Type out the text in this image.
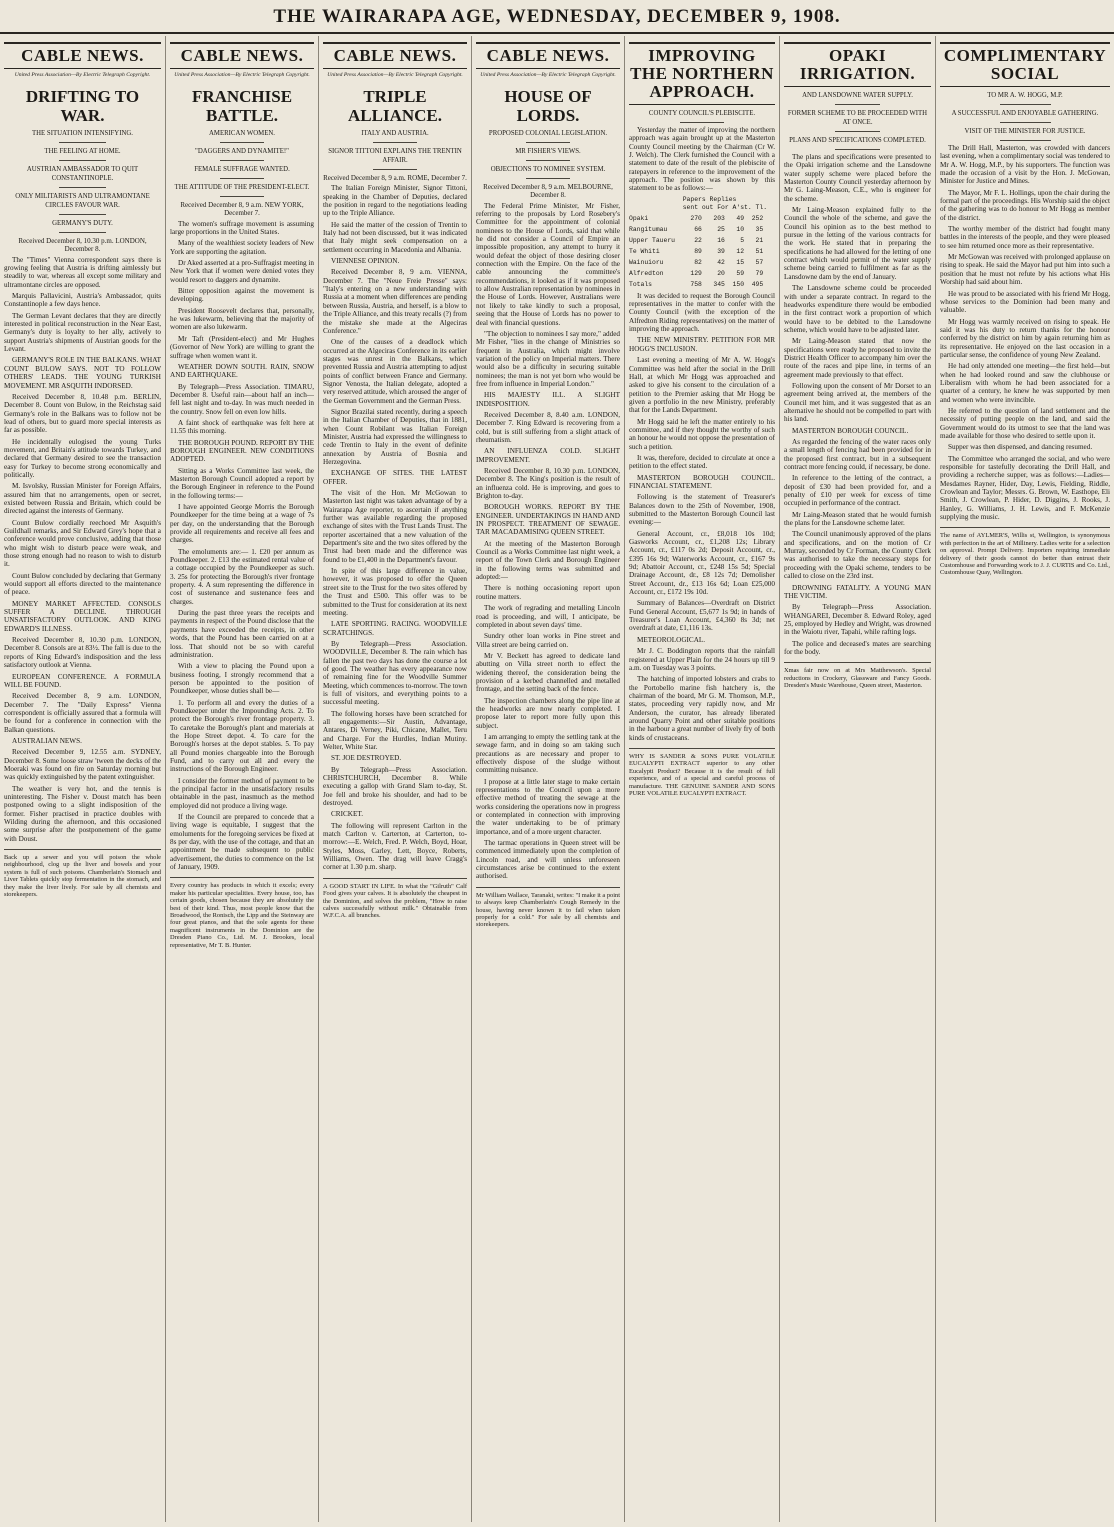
THE WAIRARAPA AGE, WEDNESDAY, DECEMBER 9, 1908.
CABLE NEWS.
United Press Association—By Electric Telegraph Copyright.
DRIFTING TO WAR.
THE SITUATION INTENSIFYING.
THE FEELING AT HOME.
AUSTRIAN AMBASSADOR TO QUIT CONSTANTINOPLE.
ONLY MILITARISTS AND ULTRAMONTANE CIRCLES FAVOUR WAR.
GERMANY'S DUTY.
Received December 8, 10.30 p.m. LONDON, December 8.

The "Times" Vienna correspondent says there is growing feeling that Austria is drifting aimlessly but steadily to war, whereas all except some military and ultramontane circles are opposed.

Marquis Pallavicini, Austria's Ambassador, quits Constantinople a few days hence.

The German Levant declares that they are directly interested in political reconstruction in the Near East, Germany's duty is loyalty to her ally, actively to support Austria's shipments of Austrian goods for the Levant.

GERMANY'S ROLE IN THE BALKANS. WHAT COUNT BULOW SAYS. NOT TO FOLLOW OTHERS' LEADS. THE YOUNG TURKISH MOVEMENT. MR ASQUITH INDORSED.

Received December 8, 10.48 p.m. BERLIN, December 8. Count von Bulow, in the Reichstag said Germany's role in the Balkans was to follow not be lead of others, but to guard more special interests as far as possible.

He incidentally eulogised the young Turks movement, and Britain's attitude towards Turkey, and declared that Germany desired to see the transaction easy for Turkey to become strong economically and politically.

M. Isvolsky, Russian Minister for Foreign Affairs, assured him that no arrangements, open or secret, existed between Russia and Britain, which could be directed against the interests of Germany.

Count Bulow cordially reechoed Mr Asquith's Guildhall remarks, and Sir Edward Grey's hope that a conference would prove conclusive, adding that those who might wish to disturb peace were weak, and those strong enough had no reason to wish to disturb it.

Count Bulow concluded by declaring that Germany would support all efforts directed to the maintenance of peace.

MONEY MARKET AFFECTED. CONSOLS SUFFER A DECLINE. THROUGH UNSATISFACTORY OUTLOOK. AND KING EDWARD'S ILLNESS.

Received December 8, 10.30 p.m. LONDON, December 8. Consols are at 83½. The fall is due to the reports of King Edward's indisposition and the less satisfactory outlook at Vienna.

EUROPEAN CONFERENCE. A FORMULA WILL BE FOUND.

Received December 8, 9 a.m. LONDON, December 7. The "Daily Express" Vienna correspondent is officially assured that a formula will be found for a conference in connection with the Balkan questions.

AUSTRALIAN NEWS.

Received December 9, 12.55 a.m. SYDNEY, December 8. Some loose straw 'tween the decks of the Moeraki was found on fire on Saturday morning but was quickly extinguished by the patent extinguisher.

The weather is very hot, and the tennis is uninteresting. The Fisher v. Doust match has been postponed owing to a slight indisposition of the former. Fisher practised in practice doubles with Wilding during the afternoon, and this occasioned some surprise after the postponement of the game with Doust.

Back up a sewer and you will poison the whole neighbourhood, clog up the liver and bowels and your system is full of such poisons. Chamberlain's Stomach and Liver Tablets quickly stop fermentation in the stomach, and they make the liver lively. For sale by all chemists and storekeepers.
CABLE NEWS.
United Press Association—By Electric Telegraph Copyright.
FRANCHISE BATTLE.
AMERICAN WOMEN.
"DAGGERS AND DYNAMITE!"
FEMALE SUFFRAGE WANTED.
THE ATTITUDE OF THE PRESIDENT-ELECT.
Received December 8, 9 a.m. NEW YORK, December 7.

The women's suffrage movement is assuming large proportions in the United States.

Many of the wealthiest society leaders of New York are supporting the agitation.

Dr Aked asserted at a pro-Suffragist meeting in New York that if women were denied votes they would resort to daggers and dynamite.

Bitter opposition against the movement is developing.

President Roosevelt declares that, personally, he was lukewarm, believing that the majority of women are also lukewarm.

Mr Taft (President-elect) and Mr Hughes (Governor of New York) are willing to grant the suffrage when women want it.

WEATHER DOWN SOUTH. RAIN, SNOW AND EARTHQUAKE.

By Telegraph—Press Association. TIMARU, December 8. Useful rain—about half an inch—fell last night and to-day. In was much needed in the country. Snow fell on even low hills.

A faint shock of earthquake was felt here at 11.55 this morning.

THE BOROUGH POUND. REPORT BY THE BOROUGH ENGINEER. NEW CONDITIONS ADOPTED.

Sitting as a Works Committee last week, the Masterton Borough Council adopted a report by the Borough Engineer in reference to the Pound in the following terms:—

I have appointed George Morris the Borough Poundkeeper for the time being at a wage of 7s per day, on the understanding that the Borough provide all requirements and receive all fees and charges.

The emoluments are:— 1. £20 per annum as Poundkeeper. 2. £13 the estimated rental value of a cottage occupied by the Poundkeeper as such. 3. 25s for protecting the Borough's river frontage property. 4. A sum representing the difference in cost of sustenance and sustenance fees and charges.

During the past three years the receipts and payments in respect of the Pound disclose that the payments have exceeded the receipts, in other words, that the Pound has been carried on at a loss. That should not be so with careful administration.

With a view to placing the Pound upon a business footing, I strongly recommend that a person be appointed to the position of Poundkeeper, whose duties shall be—

1. To perform all and every the duties of a Poundkeeper under the Impounding Acts. 2. To protect the Borough's river frontage property. 3. To caretake the Borough's plant and materials at the Hope Street depot. 4. To care for the Borough's horses at the depot stables. 5. To pay all Pound monies chargeable into the Borough Fund, and to carry out all and every the instructions of the Borough Engineer.

I consider the former method of payment to be the principal factor in the unsatisfactory results obtainable in the past, inasmuch as the method employed did not produce a living wage.

If the Council are prepared to concede that a living wage is equitable, I suggest that the emoluments for the foregoing services be fixed at 8s per day, with the use of the cottage, and that an appointment be made subsequent to public advertisement, the duties to commence on the 1st of January, 1909.

Every country has products in which it excels; every maker his particular specialities. Every house, too, has certain goods, chosen because they are absolutely the best of their kind. Thus, most people know that the Broadwood, the Ronisch, the Lipp and the Steinway are four great pianos, and that the sole agents for these magnificent instruments in the Dominion are the Dresden Piano Co., Ltd. M. J. Brookes, local representative, Mr T. B. Hunter.
CABLE NEWS.
United Press Association—By Electric Telegraph Copyright.
TRIPLE ALLIANCE.
ITALY AND AUSTRIA.
SIGNOR TITTONI EXPLAINS THE TRENTIN AFFAIR.
Received December 8, 9 a.m. ROME, December 7.

The Italian Foreign Minister, Signor Tittoni, speaking in the Chamber of Deputies, declared the position in regard to the negotiations leading up to the Triple Alliance.

He said the matter of the cession of Trentin to Italy had not been discussed, but it was indicated that Italy might seek compensation on a settlement occurring in Macedonia and Albania.

VIENNESE OPINION.

Received December 8, 9 a.m. VIENNA, December 7. The "Neue Freie Presse" says: "Italy's entering on a new understanding with Russia at a moment when differences are pending between Russia, Austria, and herself, is a blow to the Triple Alliance, and this treaty recalls (?) from the mistake she made at the Algeciras Conference."

One of the causes of a deadlock which occurred at the Algeciras Conference in its earlier stages was unrest in the Balkans, which prevented Russia and Austria attempting to adjust points of conflict between France and Germany. Signor Venosta, the Italian delegate, adopted a very reserved attitude, which aroused the anger of the German Government and the German Press.

Signor Brazilai stated recently, during a speech in the Italian Chamber of Deputies, that in 1881, when Count Robilant was Italian Foreign Minister, Austria had expressed the willingness to cede Trentin to Italy in the event of definite annexation by Austria of Bosnia and Herzegovina.

EXCHANGE OF SITES. THE LATEST OFFER.

The visit of the Hon. Mr McGowan to Masterton last night was taken advantage of by a Wairarapa Age reporter, to ascertain if anything further was available regarding the proposed exchange of sites with the Trust Lands Trust. The reporter ascertained that a new valuation of the Department's site and the two sites offered by the Trust had been made and the difference was found to be £1,400 in the Department's favour.

In spite of this large difference in value, however, it was proposed to offer the Queen street site to the Trust for the two sites offered by the Trust and £500. This offer was to be submitted to the Trust for consideration at its next meeting.

LATE SPORTING. RACING. WOODVILLE SCRATCHINGS.

By Telegraph—Press Association. WOODVILLE, December 8. The rain which has fallen the past two days has done the course a lot of good. The weather has every appearance now of remaining fine for the Woodville Summer Meeting, which commences to-morrow. The town is full of visitors, and everything points to a successful meeting.

The following horses have been scratched for all engagements:—Sir Austin, Advantage, Antares, Di Verney, Piki, Chicane, Mallet, Teru and Charge. For the Hurdles, Indian Mutiny. Welter, White Star.

ST. JOE DESTROYED.

By Telegraph—Press Association. CHRISTCHURCH, December 8. While executing a gallop with Grand Slam to-day, St. Joe fell and broke his shoulder, and had to be destroyed.

CRICKET.

The following will represent Carlton in the match Carlton v. Carterton, at Carterton, to-morrow:—E. Welch, Fred. P. Welch, Boyd, Hoar, Styles, Moss, Carley, Lett, Boyce, Roberts, Williams, Owen. The drag will leave Cragg's corner at 1.30 p.m. sharp.

A GOOD START IN LIFE. In what the "Gilruth" Calf Food gives your calves. It is absolutely the cheapest in the Dominion, and solves the problem, "How to raise calves successfully without milk." Obtainable from W.F.C.A. all branches.
CABLE NEWS.
United Press Association—By Electric Telegraph Copyright.
HOUSE OF LORDS.
PROPOSED COLONIAL LEGISLATION.
MR FISHER'S VIEWS.
OBJECTIONS TO NOMINEE SYSTEM.
Received December 8, 9 a.m. MELBOURNE, December 8.

The Federal Prime Minister, Mr Fisher, referring to the proposals by Lord Rosebery's Committee for the appointment of colonial nominees to the House of Lords, said that while he did not consider a Council of Empire an impossible proposition, any attempt to hurry it would defeat the object of those desiring closer connection with the Empire. On the face of the cable announcing the committee's recommendations, it looked as if it was proposed to allow Australian representation by nominees in the House of Lords. However, Australians were not likely to take kindly to such a proposal, seeing that the House of Lords has no power to deal with financial questions.

"The objection to nominees I say more," added Mr Fisher, "lies in the change of Ministries so frequent in Australia, which might involve variation of the policy on Imperial matters. There would also be a difficulty in securing suitable nominees; the man is not yet born who would be free from influence in Imperial London."

HIS MAJESTY ILL. A SLIGHT INDISPOSITION.

Received December 8, 8.40 a.m. LONDON, December 7. King Edward is recovering from a cold, but is still suffering from a slight attack of rheumatism.

AN INFLUENZA COLD. SLIGHT IMPROVEMENT.

Received December 8, 10.30 p.m. LONDON, December 8. The King's position is the result of an influenza cold. He is improving, and goes to Brighton to-day.

BOROUGH WORKS. REPORT BY THE ENGINEER. UNDERTAKINGS IN HAND AND IN PROSPECT. TREATMENT OF SEWAGE. TAR MACADAMISING QUEEN STREET.

At the meeting of the Masterton Borough Council as a Works Committee last night week, a report of the Town Clerk and Borough Engineer in the following terms was submitted and adopted:—

There is nothing occasioning report upon routine matters.

The work of regrading and metalling Lincoln road is proceeding, and will, I anticipate, be completed in about seven days' time.

Sundry other loan works in Pine street and Villa street are being carried on.

Mr V. Beckett has agreed to dedicate land abutting on Villa street north to effect the widening thereof, the consideration being the provision of a kerbed channelled and metalled frontage, and the setting back of the fence.

The inspection chambers along the pipe line at the headworks are now nearly completed. I propose later to report more fully upon this subject.

I am arranging to empty the settling tank at the sewage farm, and in doing so am taking such precautions as are necessary and proper to effectively dispose of the sludge without committing nuisance.

I propose at a little later stage to make certain representations to the Council upon a more effective method of treating the sewage at the works considering the operations now in progress or contemplated in connection with improving the water undertaking to be of primary importance, and of a more urgent character.

The tarmac operations in Queen street will be commenced immediately upon the completion of Lincoln road, and will unless unforeseen circumstances arise be continued to the extent authorised.

Mr William Wallace, Taranaki, writes: "I make it a point to always keep Chamberlain's Cough Remedy in the house, having never known it to fail when taken properly for a cold." For sale by all chemists and storekeepers.
IMPROVING THE NORTHERN APPROACH.
COUNTY COUNCIL'S PLEBISCITE.

Yesterday the matter of improving the northern approach was again brought up at the Masterton County Council meeting by the Chairman (Cr W. J. Welch). The Clerk furnished the Council with a statement to date of the result of the plebiscite of ratepayers in reference to the improvement of the approach. The position was shown by this statement to be as follows:—

Papers Replies
sent out For A'st. Tl.
Opaki           270   203   49  252
Rangitumau       66    25   10   35
Upper Taueru     22    16    5   21
Te Whiti         89    39   12   51
Wainuioru        82    42   15   57
Alfredton       129    20   59   79
Totals          758   345  150  495

It was decided to request the Borough Council representatives in the matter to confer with the County Council (with the exception of the Alfredton Riding representatives) on the matter of improving the approach.

THE NEW MINISTRY. PETITION FOR MR HOGG'S INCLUSION.

Last evening a meeting of Mr A. W. Hogg's Committee was held after the social in the Drill Hall, at which Mr Hogg was approached and asked to give his consent to the circulation of a petition to the Premier asking that Mr Hogg be given a portfolio in the new Ministry, preferably that for the Lands Department.

Mr Hogg said he left the matter entirely to his committee, and if they thought the worthy of such an honour he would not oppose the presentation of such a petition.

It was, therefore, decided to circulate at once a petition to the effect stated.

MASTERTON BOROUGH COUNCIL. FINANCIAL STATEMENT.

Following is the statement of Treasurer's Balances down to the 25th of November, 1908, submitted to the Masterton Borough Council last evening:—

General Account, cr., £8,018 10s 10d; Gasworks Account, cr., £1,208 12s; Library Account, cr., £117 0s 2d; Deposit Account, cr., £395 16s 9d; Waterworks Account, cr., £167 9s 9d; Abattoir Account, cr., £248 15s 5d; Special Drainage Account, dr., £8 12s 7d; Demolisher Street Account, dr., £13 16s 6d; Loan £25,000 Account, cr., £172 19s 10d.

Summary of Balances—Overdraft on District Fund General Account, £5,677 1s 9d; in hands of Treasurer's Loan Account, £4,360 8s 3d; net overdraft at date, £1,116 13s.

METEOROLOGICAL.

Mr J. C. Boddington reports that the rainfall registered at Upper Plain for the 24 hours up till 9 a.m. on Tuesday was 3 points.

The hatching of imported lobsters and crabs to the Portobello marine fish hatchery is, the chairman of the board, Mr G. M. Thomson, M.P., states, proceeding very rapidly now, and Mr Anderson, the curator, has already liberated around Quarry Point and other suitable positions in the harbour a great number of lively fry of both kinds of crustaceans.

WHY IS SANDER & SONS PURE VOLATILE EUCALYPTI EXTRACT superior to any other Eucalypti Product? Because it is the result of full experience, and of a special and careful process of manufacture. THE GENUINE SANDER AND SONS PURE VOLATILE EUCALYPTI EXTRACT.
OPAKI IRRIGATION.
AND LANSDOWNE WATER SUPPLY.
FORMER SCHEME TO BE PROCEEDED WITH AT ONCE.
PLANS AND SPECIFICATIONS COMPLETED.

The plans and specifications were presented to the Opaki irrigation scheme and the Lansdowne water supply scheme were placed before the Masterton County Council yesterday afternoon by Mr G. Laing-Meason, C.E., who is engineer for the scheme.

Mr Laing-Meason explained fully to the Council the whole of the scheme, and gave the Council his opinion as to the best method to pursue in the letting of the various contracts for the work. He stated that in preparing the specifications he had allowed for the letting of one contract which would permit of the water supply scheme being carried to fulfilment as far as the Lansdowne dam by the end of January.

The Lansdowne scheme could be proceeded with under a separate contract. In regard to the headworks expenditure there would be embodied in the first contract work a proportion of which would have to be debited to the Lansdowne scheme, which would have to be adjusted later.

Mr Laing-Meason stated that now the specifications were ready he proposed to invite the District Health Officer to accompany him over the route of the races and pipe line, in terms of an agreement made previously to that effect.

Following upon the consent of Mr Dorset to an agreement being arrived at, the members of the Council met him, and it was suggested that as an alternative he should not be compelled to part with his land.

MASTERTON BOROUGH COUNCIL.

As regarded the fencing of the water races only a small length of fencing had been provided for in the proposed first contract, but in a subsequent contract more fencing could, if necessary, be done.

In reference to the letting of the contract, a deposit of £30 had been provided for, and a penalty of £10 per week for excess of time occupied in performance of the contract.

Mr Laing-Meason stated that he would furnish the plans for the Lansdowne scheme later.

The Council unanimously approved of the plans and specifications, and on the motion of Cr Murray, seconded by Cr Forman, the County Clerk was authorised to take the necessary steps for proceeding with the Opaki scheme, tenders to be called to close on the 23rd inst.

DROWNING FATALITY. A YOUNG MAN THE VICTIM.

By Telegraph—Press Association. WHANGAREI, December 8. Edward Roley, aged 25, employed by Hedley and Wright, was drowned in the Waiotu river, Tapahi, while rafting logs.

The police and deceased's mates are searching for the body.

Xmas fair now on at Mrs Matthewson's. Special reductions in Crockery, Glassware and Fancy Goods. Dresden's Music Warehouse, Queen street, Masterton.
COMPLIMENTARY SOCIAL
TO MR A. W. HOGG, M.P.
A SUCCESSFUL AND ENJOYABLE GATHERING.
VISIT OF THE MINISTER FOR JUSTICE.

The Drill Hall, Masterton, was crowded with dancers last evening, when a complimentary social was tendered to Mr A. W. Hogg, M.P., by his supporters. The function was made the occasion of a visit by the Hon. J. McGowan, Minister for Justice and Mines.

The Mayor, Mr F. L. Hollings, upon the chair during the formal part of the proceedings. His Worship said the object of the gathering was to do honour to Mr Hogg as member of the district.

The worthy member of the district had fought many battles in the interests of the people, and they were pleased to see him returned once more as their representative.

Mr McGowan was received with prolonged applause on rising to speak. He said the Mayor had put him into such a position that he must not refute by his actions what His Worship had said about him.

He was proud to be associated with his friend Mr Hogg, whose services to the Dominion had been many and valuable.

Mr Hogg was warmly received on rising to speak. He said it was his duty to return thanks for the honour conferred by the district on him by again returning him as its representative. He enjoyed on the last occasion in a particular sense, the confidence of young New Zealand.

He had only attended one meeting—the first held—but when he had looked round and saw the clubhouse or Liberalism with whom he had been associated for a quarter of a century, he knew he was supported by men and women who were invincible.

He referred to the question of land settlement and the necessity of putting people on the land, and said the Government would do its utmost to see that the land was made available for those who desired to settle upon it.

Supper was then dispensed, and dancing resumed.

The Committee who arranged the social, and who were responsible for tastefully decorating the Drill Hall, and providing a recherche supper, was as follows:—Ladies—Mesdames Rayner, Hider, Day, Lewis, Fielding, Riddle, Crowlean and Taylor; Messrs. G. Brown, W. Easthope, Eli Smith, J. Crowlean, P. Hider, D. Diggins, J. Rooks, J. Hanley, G. Williams, J. H. Lewis, and F. McKenzie supplying the music.

The name of AYLMER'S, Willis st, Wellington, is synonymous with perfection in the art of Millinery. Ladies write for a selection on approval. Prompt Delivery. Importers requiring immediate delivery of their goods cannot do better than entrust their Customhouse and Forwarding work to J. J. CURTIS and Co. Ltd., Customhouse Quay, Wellington.
